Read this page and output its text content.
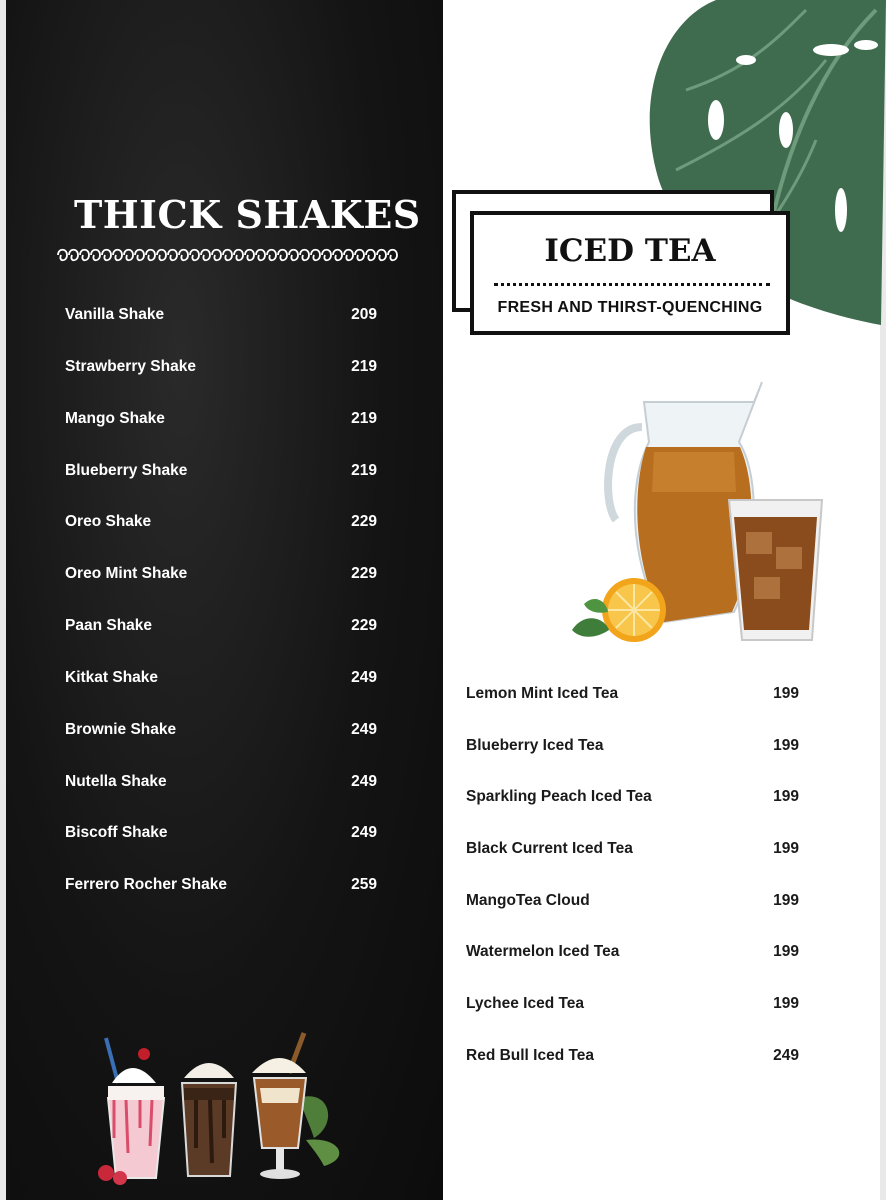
THICK SHAKES
Vanilla Shake	209
Strawberry Shake	219
Mango Shake	219
Blueberry Shake	219
Oreo Shake	229
Oreo Mint Shake	229
Paan Shake	229
Kitkat Shake	249
Brownie Shake	249
Nutella Shake	249
Biscoff Shake	249
Ferrero Rocher Shake	259
ICED TEA
FRESH AND THIRST-QUENCHING
Lemon Mint Iced Tea	199
Blueberry Iced Tea	199
Sparkling Peach Iced Tea	199
Black Current Iced Tea	199
MangoTea Cloud	199
Watermelon Iced Tea	199
Lychee Iced Tea	199
Red Bull Iced Tea	249
